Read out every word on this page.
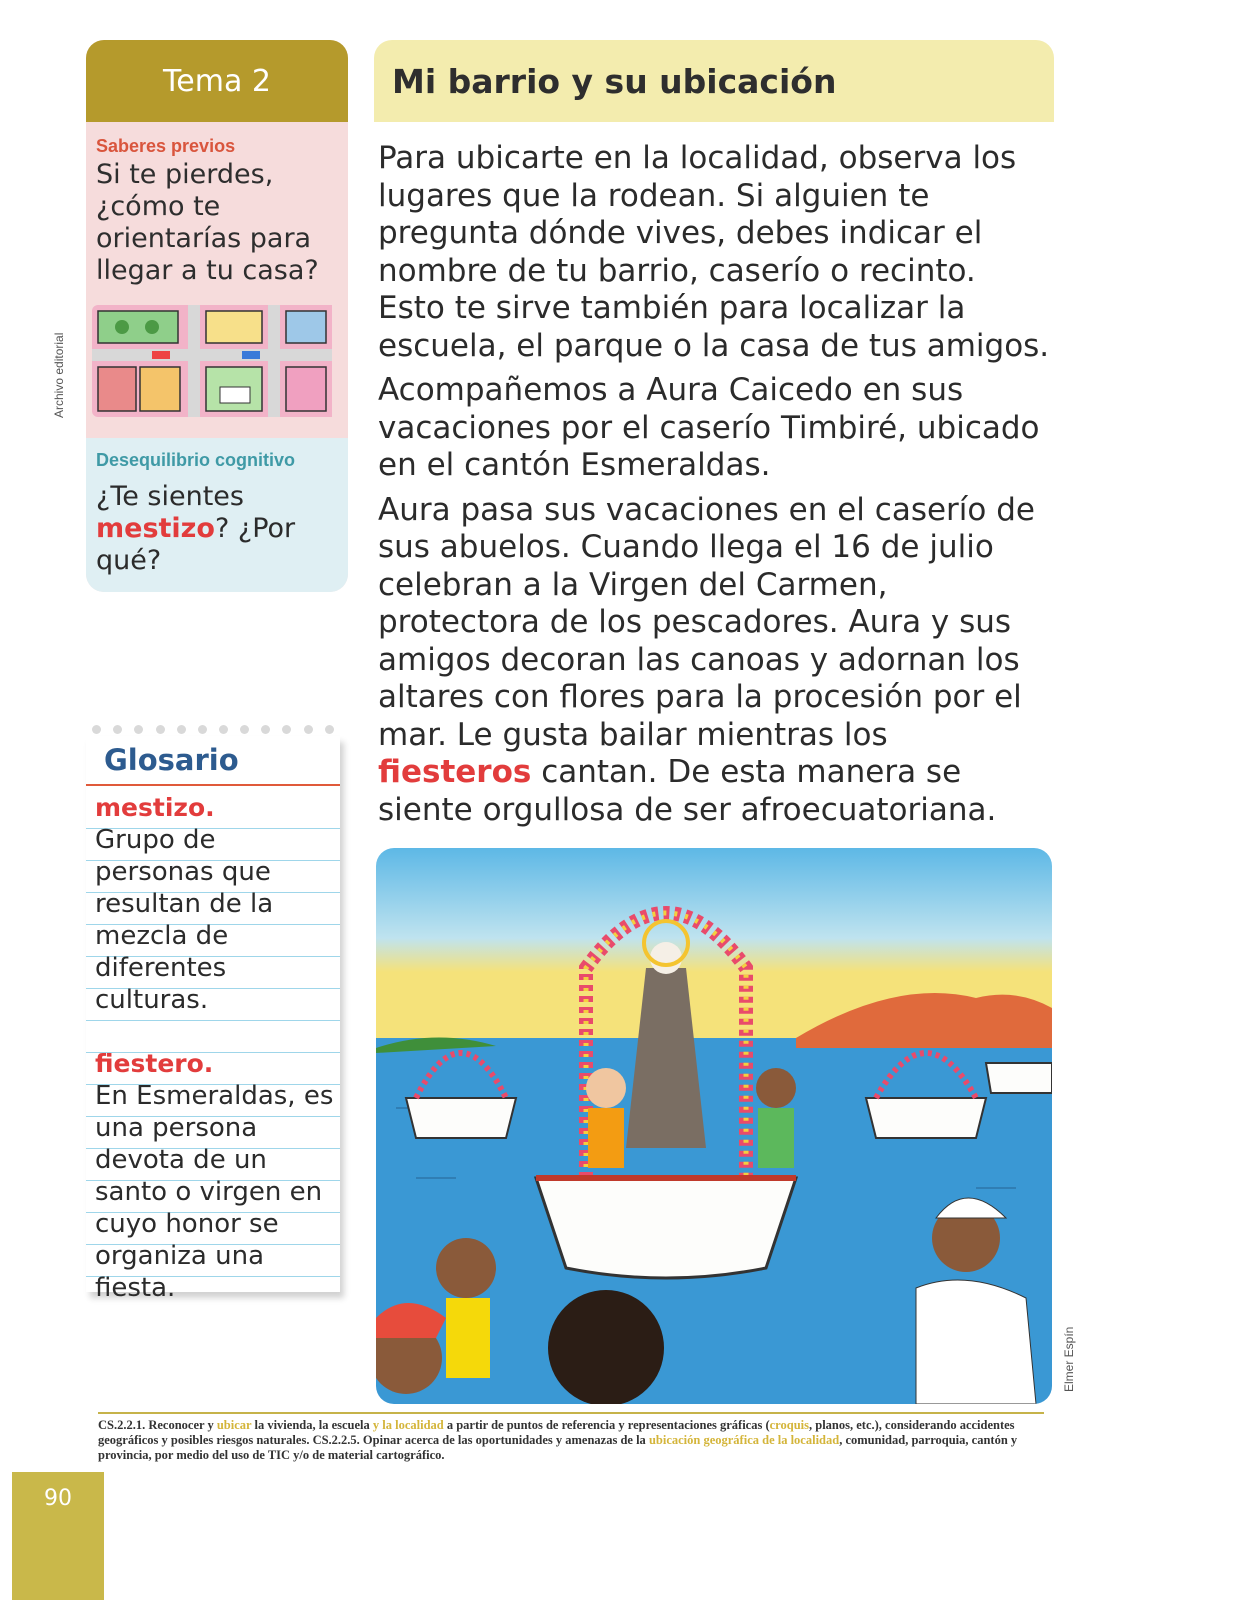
Archivo editorial
Tema 2
Saberes previos
Si te pierdes, ¿cómo te orientarías para llegar a tu casa?
Desequilibrio cognitivo
¿Te sientes mestizo? ¿Por qué?
Glosario
mestizo.
Grupo de personas que resultan de la mezcla de diferentes culturas.
fiestero.
En Esmeraldas, es una persona devota de un santo o virgen en cuyo honor se organiza una fiesta.
Mi barrio y su ubicación

Para ubicarte en la localidad, observa los lugares que la rodean. Si alguien te pregunta dónde vives, debes indicar el nombre de tu barrio, caserío o recinto. Esto te sirve también para localizar la escuela, el parque o la casa de tus amigos.

Acompañemos a Aura Caicedo en sus vacaciones por el caserío Timbiré, ubicado en el cantón Esmeraldas.

Aura pasa sus vacaciones en el caserío de sus abuelos. Cuando llega el 16 de julio celebran a la Virgen del Carmen, protectora de los pescadores. Aura y sus amigos decoran las canoas y adornan los altares con flores para la procesión por el mar. Le gusta bailar mientras los fiesteros cantan. De esta manera se siente orgullosa de ser afroecuatoriana.

Elmer Espín
CS.2.2.1. Reconocer y ubicar la vivienda, la escuela y la localidad a partir de puntos de referencia y representaciones gráficas (croquis, planos, etc.), considerando accidentes geográficos y posibles riesgos naturales. CS.2.2.5. Opinar acerca de las oportunidades y amenazas de la ubicación geográfica de la localidad, comunidad, parroquia, cantón y provincia, por medio del uso de TIC y/o de material cartográfico.
90
